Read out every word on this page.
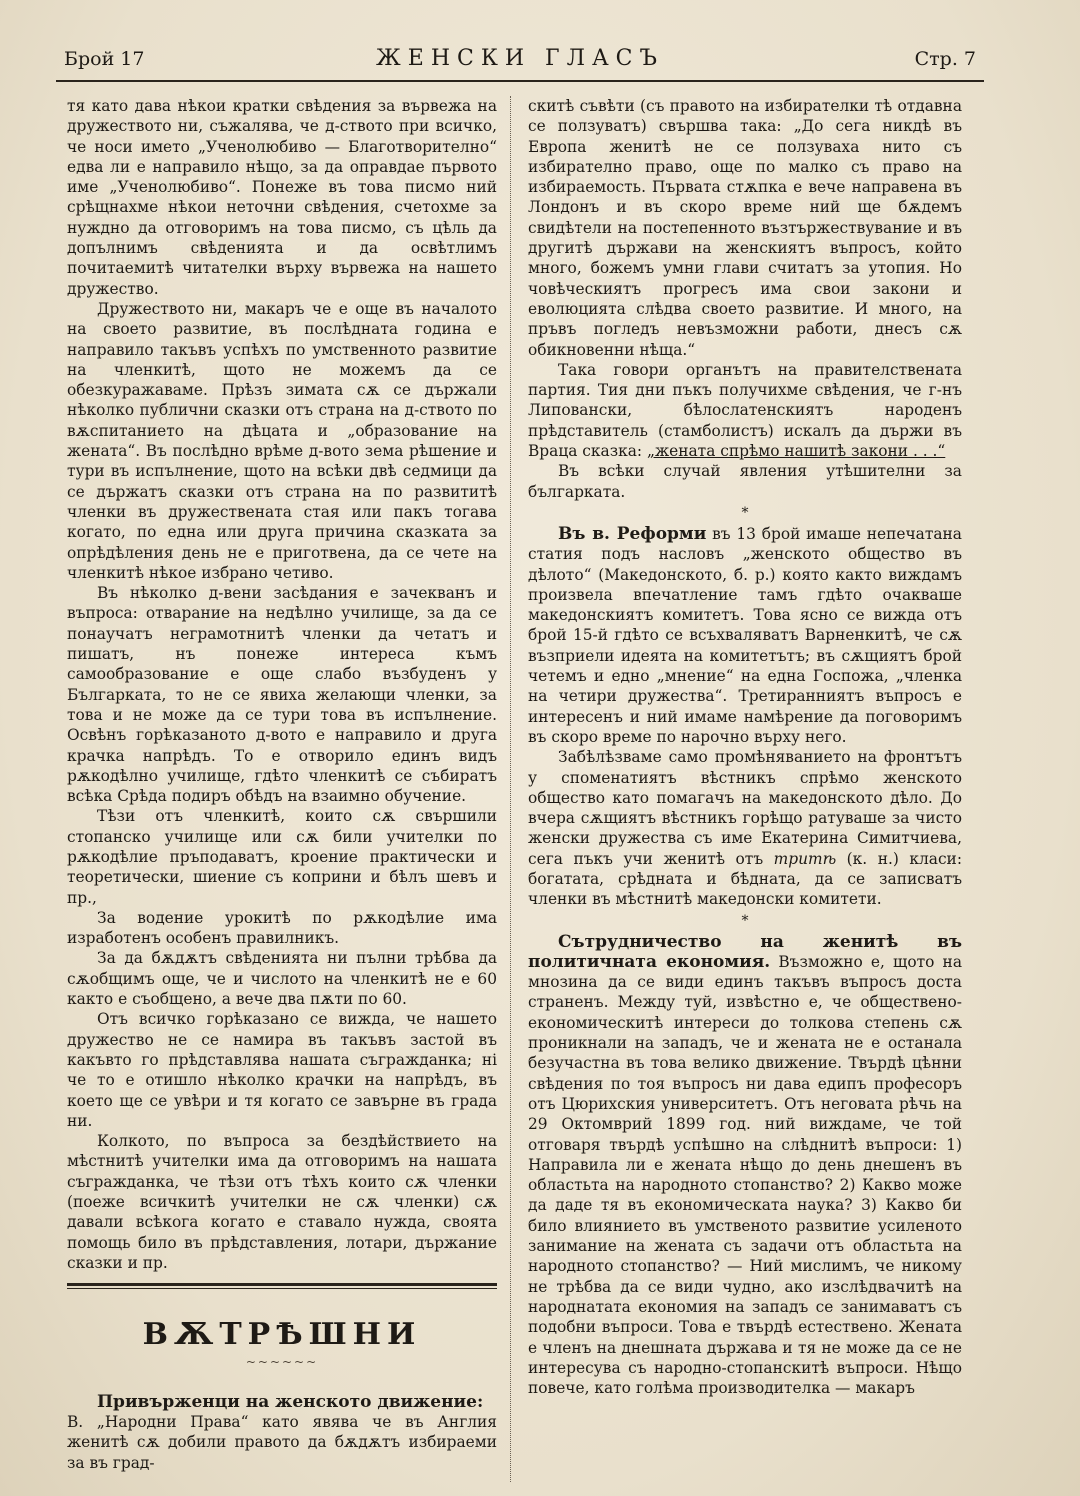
Брой 17	ЖЕНСКИ ГЛАСЪ	Стр. 7

тя като дава нѣкои кратки свѣдения за вървежа на дружеството ни, съжалява, че д-ството при всичко, че носи името „Ученолюбиво — Благотворително“ едва ли е направило нѣщо, за да оправдае първото име „Ученолюбиво“. Понеже въ това писмо ний срѣщнахме нѣкои неточни свѣдения, счетохме за нуждно да отговоримъ на това писмо, съ цѣль да допълнимъ свѣденията и да освѣтлимъ почитаемитѣ читателки върху вървежа на нашето дружество.

Дружеството ни, макаръ че е още въ началото на своето развитие, въ послѣднатa година е направило такъвъ успѣхъ по умственното развитие на членкитѣ, щото не можемъ да се обезкуражаваме. Прѣзъ зимата сѫ се държали нѣколко публични сказки отъ страна на д-ството по вѫспитанието на дѣцата и „образование на жената“. Въ послѣдно врѣме д-вото зема рѣшение и тури въ испълнение, щото на всѣки двѣ седмици да се държатъ сказки отъ страна на по развититѣ членки въ дружествената стая или пакъ тогава когато, по една или друга причина сказката за опрѣдѣления день не е приготвена, да се чете на членкитѣ нѣкое избрано четиво.

Въ нѣколко д-вени засѣдания е зачекванъ и въпроса: отварание на недѣлно училище, за да се понаучатъ неграмотнитѣ членки да четатъ и пишатъ, нъ понеже интереса къмъ самообразование е още слабо възбуденъ у Българката, то не се явиха желающи членки, за това и не може да се тури това въ испълнение. Освѣнъ горѣказаното д-вото е направило и друга крачка напрѣдъ. То е отворило единъ видъ рѫкодѣлно училище, гдѣто членкитѣ се събиратъ всѣка Срѣда подиръ обѣдъ на взаимно обучение.

Тѣзи отъ членкитѣ, които сѫ свършили стопанско училище или сѫ били учителки по рѫкодѣлие пръподаватъ, кроение практически и теоретически, шиение съ коприни и бѣлъ шевъ и пр.,

За водение урокитѣ по рѫкодѣлие има изработенъ особенъ правилникъ.

За да бѫдѫтъ свѣденията ни пълни трѣбва да сѫобщимъ още, че и числото на членкитѣ не е 60 както е съобщено, а вече два пѫти по 60.

Отъ всичко горѣказано се вижда, че нашето дружество не се намира въ такъвъ застой въ какъвто го прѣдставлява нашата съгражданка; ні че то е отишло нѣколко крачки на напрѣдъ, въ което ще се увѣри и тя когато се завърне въ града ни.

Колкото, по въпроса за бездѣйствието на мѣстнитѣ учителки има да отговоримъ на нашата съгражданка, че тѣзи отъ тѣхъ които сѫ членки (поеже всичкитѣ учителки не сѫ членки) сѫ давали всѣкога когато е ставало нужда, своята помощь било въ прѣдставления, лотари, държание сказки и пр.

ВѪТРѢШНИ
~~~~~~

Привърженци на женското движение:

В. „Народни Права“ като явява че въ Англия женитѣ сѫ добили правото да бѫдѫтъ избираеми за въ град-

скитѣ съвѣти (съ правото на избирателки тѣ отдавна се ползуватъ) свършва така: „До сега никдѣ въ Европа женитѣ не се ползуваха нито съ избирателно право, още по малко съ право на избираемость. Първата стѫпка е вече направена въ Лондонъ и въ скоро време ний ще бѫдемъ свидѣтели на постепенното възтържествувание и въ другитѣ държави на женскиятъ въпросъ, който много, божемъ умни глави считатъ за утопия. Но човѣческиятъ прогресъ има свои закони и еволюцията слѣдва своето развитие. И много, на пръвъ погледъ невъзможни работи, днесъ сѫ обикновенни нѣща.“

Така говори органътъ на правителствената партия. Тия дни пъкъ получихме свѣдения, че г-нъ Липовански, бѣлослатенскиятъ народенъ прѣдставитель (стамболистъ) искалъ да държи въ Враца сказка: „жената спрѣмо нашитѣ закони . . .“

Въ всѣки случай явления утѣшителни за българката.

*

Въ в. Реформи въ 13 брой имаше непечатана статия подъ насловъ „женското общество въ дѣлото“ (Македонското, б. р.) която както виждамъ произвела впечатление тамъ гдѣто очакваше македонскиятъ комитетъ. Това ясно се вижда отъ брой 15-й гдѣто се всъхваляватъ Варненкитѣ, че сѫ възприели идеята на комитетътъ; въ сѫщиятъ брой четемъ и едно „мнение“ на една Госпожа, „членка на четири дружества“. Третиранниятъ въпросъ е интересенъ и ний имаме намѣрение да поговоримъ въ скоро време по нарочно върху него.

Забѣлѣзваме само промѣняванието на фронтътъ у споменатиятъ вѣстникъ спрѣмо женското общество като помагачъ на македонското дѣло. До вчера сѫщиятъ вѣстникъ горѣщо ратуваше за чисто женски дружества съ име Екатерина Симитчиева, сега пъкъ учи женитѣ отъ тритѣ (к. н.) класи: богатата, срѣдната и бѣдната, да се записватъ членки въ мѣстнитѣ македонски комитети.

*

Сътрудничество на женитѣ въ политичната економия. Възможно е, щото на мнозина да се види единъ такъвъ въпросъ доста страненъ. Между туй, извѣстно е, че обществено-економическитѣ интереси до толкова степень сѫ проникнали на западъ, че и жената не е останала безучастна въ това велико движение. Твърдѣ цѣнни свѣдения по тоя въпросъ ни дава едипъ професоръ отъ Цюрихския университетъ. Отъ неговата рѣчь на 29 Октомврий 1899 год. ний виждаме, че той отговаря твърдѣ успѣшно на слѣднитѣ въпроси: 1) Направила ли е жената нѣщо до день днешенъ въ областьта на народното стопанство? 2) Какво може да даде тя въ економическата наука? 3) Какво би било влиянието въ умственото развитие усиленото занимание на жената съ задачи отъ областьта на народното стопанство? — Ний мислимъ, че никому не трѣбва да се види чудно, ако изслѣдвачитѣ на народнатата економия на западъ се занимаватъ съ подобни въпроси. Това е твърдѣ естествено. Жената е членъ на днешната държава и тя не може да се не интересува съ народно-стопанскитѣ въпроси. Нѣщо повече, като голѣма производителка — макаръ
